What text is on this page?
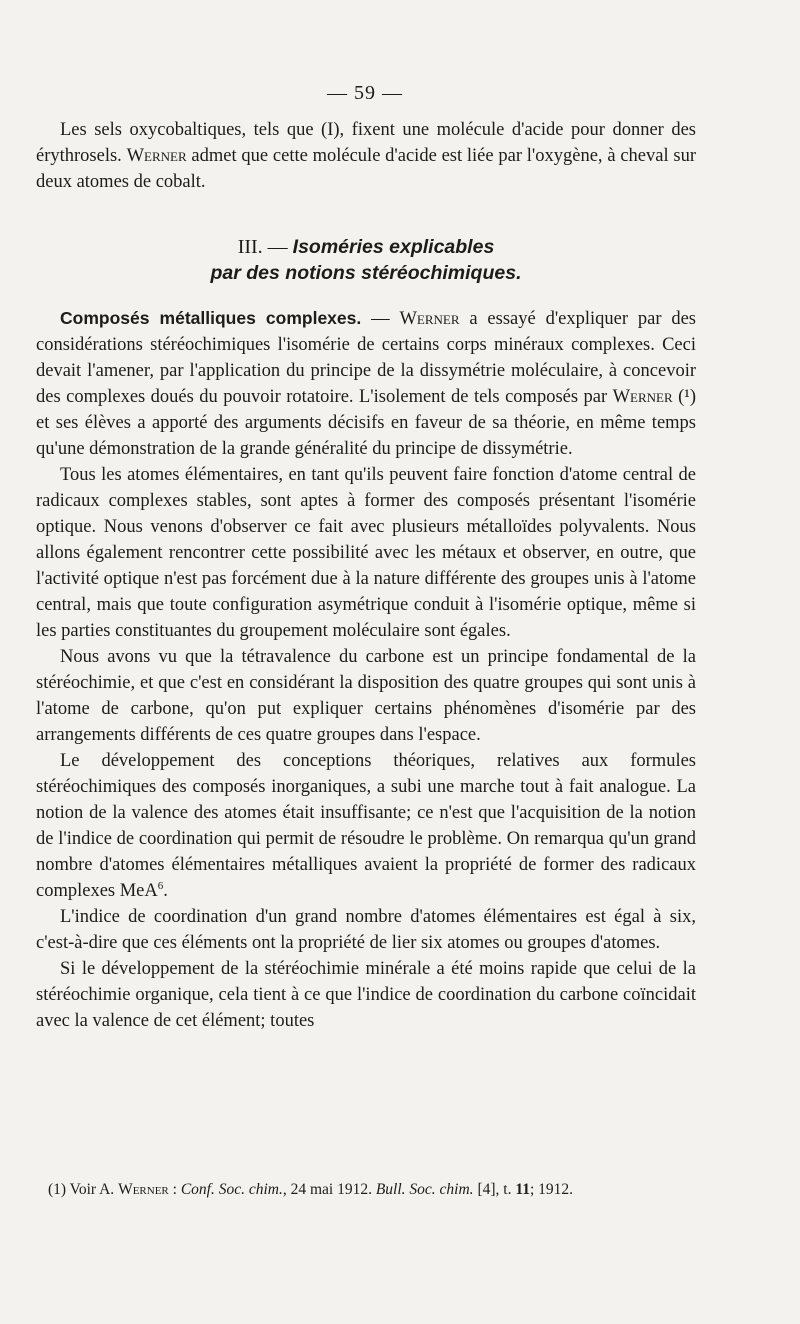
— 59 —

Les sels oxycobaltiques, tels que (I), fixent une molécule d'acide pour donner des érythrosels. Werner admet que cette molécule d'acide est liée par l'oxygène, à cheval sur deux atomes de cobalt.

III. — Isoméries explicables
par des notions stéréochimiques.

Composés métalliques complexes. — Werner a essayé d'expliquer par des considérations stéréochimiques l'isomérie de certains corps minéraux complexes. Ceci devait l'amener, par l'application du principe de la dissymétrie moléculaire, à concevoir des complexes doués du pouvoir rotatoire. L'isolement de tels composés par Werner (¹) et ses élèves a apporté des arguments décisifs en faveur de sa théorie, en même temps qu'une démonstration de la grande généralité du principe de dissymétrie.

Tous les atomes élémentaires, en tant qu'ils peuvent faire fonction d'atome central de radicaux complexes stables, sont aptes à former des composés présentant l'isomérie optique. Nous venons d'observer ce fait avec plusieurs métalloïdes polyvalents. Nous allons également rencontrer cette possibilité avec les métaux et observer, en outre, que l'activité optique n'est pas forcément due à la nature différente des groupes unis à l'atome central, mais que toute configuration asymétrique conduit à l'isomérie optique, même si les parties constituantes du groupement moléculaire sont égales.

Nous avons vu que la tétravalence du carbone est un principe fondamental de la stéréochimie, et que c'est en considérant la disposition des quatre groupes qui sont unis à l'atome de carbone, qu'on put expliquer certains phénomènes d'isomérie par des arrangements différents de ces quatre groupes dans l'espace.

Le développement des conceptions théoriques, relatives aux formules stéréochimiques des composés inorganiques, a subi une marche tout à fait analogue. La notion de la valence des atomes était insuffisante; ce n'est que l'acquisition de la notion de l'indice de coordination qui permit de résoudre le problème. On remarqua qu'un grand nombre d'atomes élémentaires métalliques avaient la propriété de former des radicaux complexes MeA$^6$.

L'indice de coordination d'un grand nombre d'atomes élémentaires est égal à six, c'est-à-dire que ces éléments ont la propriété de lier six atomes ou groupes d'atomes.

Si le développement de la stéréochimie minérale a été moins rapide que celui de la stéréochimie organique, cela tient à ce que l'indice de coordination du carbone coïncidait avec la valence de cet élément; toutes

(1) Voir A. Werner : Conf. Soc. chim., 24 mai 1912. Bull. Soc. chim. [4], t. 11; 1912.
